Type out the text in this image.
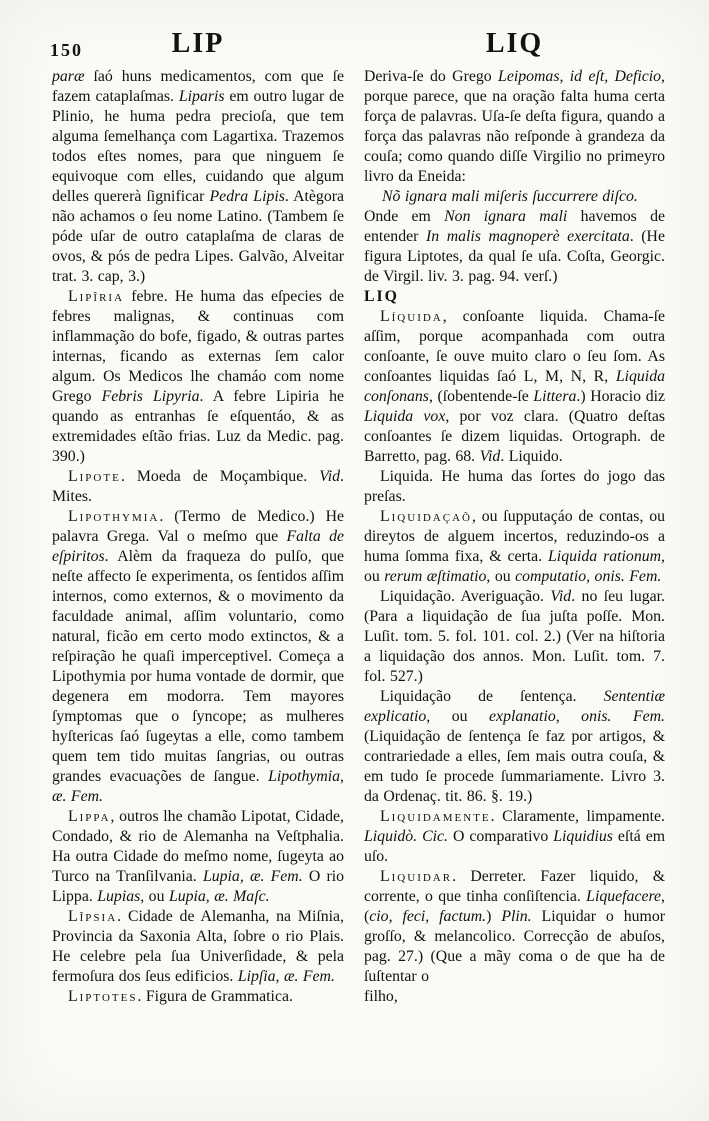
150	LIP

paræ ſaó huns medicamentos, com que ſe fazem cataplaſmas. Liparis em outro lugar de Plinio, he huma pedra precioſa, que tem alguma ſemelhança com Lagartixa. Trazemos todos eſtes nomes, para que ninguem ſe equivoque com elles, cuidando que algum delles quererà ſignificar Pedra Lipis. Atègora não achamos o ſeu nome Latino. (Tambem ſe póde uſar de outro cataplaſma de claras de ovos, & pós de pedra Lipes. Galvão, Alveitar trat. 3. cap, 3.)

Lipîria febre. He huma das eſpecies de febres malignas, & continuas com inflammação do bofe, figado, & outras partes internas, ficando as externas ſem calor algum. Os Medicos lhe chamáo com nome Grego Febris Lipyria. A febre Lipiria he quando as entranhas ſe eſquentáo, & as extremidades eſtão frias. Luz da Medic. pag. 390.)

Lipote. Moeda de Moçambique. Vid. Mites.

Lipothymia. (Termo de Medico.) He palavra Grega. Val o meſmo que Falta de eſpiritos. Alèm da fraqueza do pulſo, que neſte affecto ſe experimenta, os ſentidos aſſim internos, como externos, & o movimento da faculdade animal, aſſim voluntario, como natural, ficão em certo modo extinctos, & a reſpiração he quaſi imperceptivel. Começa a Lipothymia por huma vontade de dormir, que degenera em modorra. Tem mayores ſymptomas que o ſyncope; as mulheres hyſtericas ſaó ſugeytas a elle, como tambem quem tem tido muitas ſangrias, ou outras grandes evacuações de ſangue. Lipothymia, æ. Fem.

Lippa, outros lhe chamão Lipotat, Cidade, Condado, & rio de Alemanha na Veſtphalia. Ha outra Cidade do meſmo nome, ſugeyta ao Turco na Tranſilvania. Lupia, æ. Fem. O rio Lippa. Lupias, ou Lupia, æ. Maſc.

Lîpsia. Cidade de Alemanha, na Miſnia, Provincia da Saxonia Alta, ſobre o rio Plais. He celebre pela ſua Univerſidade, & pela fermoſura dos ſeus edificios. Lipſia, æ. Fem.

Liptotes. Figura de Grammatica.

LIQ

Deriva-ſe do Grego Leipomas, id eſt, Deficio, porque parece, que na oração falta huma certa força de palavras. Uſa-ſe deſta figura, quando a força das palavras não reſponde à grandeza da couſa; como quando diſſe Virgilio no primeyro livro da Eneida:

Nõ ignara mali miſeris ſuccurrere diſco.

Onde em Non ignara mali havemos de entender In malis magnoperè exercitata. (He figura Liptotes, da qual ſe uſa. Coſta, Georgic. de Virgil. liv. 3. pag. 94. verſ.)

LIQ

Líquida, conſoante liquida. Chama-ſe aſſim, porque acompanhada com outra conſoante, ſe ouve muito claro o ſeu ſom. As conſoantes liquidas ſaó L, M, N, R, Liquida conſonans, (ſobentende-ſe Littera.) Horacio diz Liquida vox, por voz clara. (Quatro deſtas conſoantes ſe dizem liquidas. Ortograph. de Barretto, pag. 68. Vid. Liquido.

Liquida. He huma das ſortes do jogo das preſas.

Liquidaçaõ, ou ſupputaçáo de contas, ou direytos de alguem incertos, reduzindo-os a huma ſomma fixa, & certa. Liquida rationum, ou rerum æſtimatio, ou computatio, onis. Fem.

Liquidação. Averiguação. Vid. no ſeu lugar. (Para a liquidação de ſua juſta poſſe. Mon. Luſit. tom. 5. fol. 101. col. 2.) (Ver na hiſtoria a liquidação dos annos. Mon. Luſit. tom. 7. fol. 527.)

Liquidação de ſentença. Sententiæ explicatio, ou explanatio, onis. Fem. (Liquidação de ſentença ſe faz por artigos, & contrariedade a elles, ſem mais outra couſa, & em tudo ſe procede ſummariamente. Livro 3. da Ordenaç. tit. 86. §. 19.)

Liquidamente. Claramente, limpamente. Liquidò. Cic. O comparativo Liquidius eſtá em uſo.

Liquidar. Derreter. Fazer liquido, & corrente, o que tinha conſiſtencia. Liquefacere, (cio, feci, factum.) Plin. Liquidar o humor groſſo, & melancolico. Correcção de abuſos, pag. 27.) (Que a mãy coma o de que ha de ſuſtentar o

filho,
